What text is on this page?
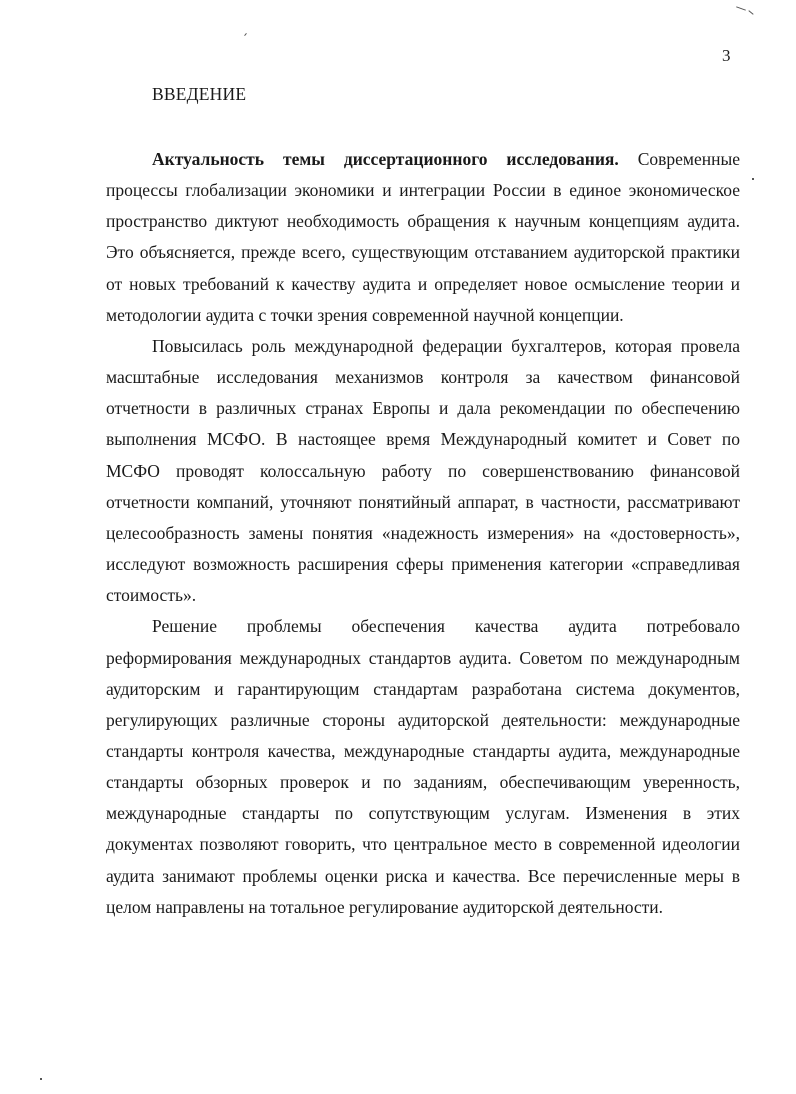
3
ВВЕДЕНИЕ

Актуальность темы диссертационного исследования. Современные процессы глобализации экономики и интеграции России в единое экономическое пространство диктуют необходимость обращения к научным концепциям аудита. Это объясняется, прежде всего, существующим отставанием аудиторской практики от новых требований к качеству аудита и определяет новое осмысление теории и методологии аудита с точки зрения современной научной концепции.

Повысилась роль международной федерации бухгалтеров, которая провела масштабные исследования механизмов контроля за качеством финансовой отчетности в различных странах Европы и дала рекомендации по обеспечению выполнения МСФО. В настоящее время Международный комитет и Совет по МСФО проводят колоссальную работу по совершенствованию финансовой отчетности компаний, уточняют понятийный аппарат, в частности, рассматривают целесообразность замены понятия «надежность измерения» на «достоверность», исследуют возможность расширения сферы применения категории «справедливая стоимость».

Решение проблемы обеспечения качества аудита потребовало реформирования международных стандартов аудита. Советом по международным аудиторским и гарантирующим стандартам разработана система документов, регулирующих различные стороны аудиторской деятельности: международные стандарты контроля качества, международные стандарты аудита, международные стандарты обзорных проверок и по заданиям, обеспечивающим уверенность, международные стандарты по сопутствующим услугам. Изменения в этих документах позволяют говорить, что центральное место в современной идеологии аудита занимают проблемы оценки риска и качества. Все перечисленные меры в целом направлены на тотальное регулирование аудиторской деятельности.
